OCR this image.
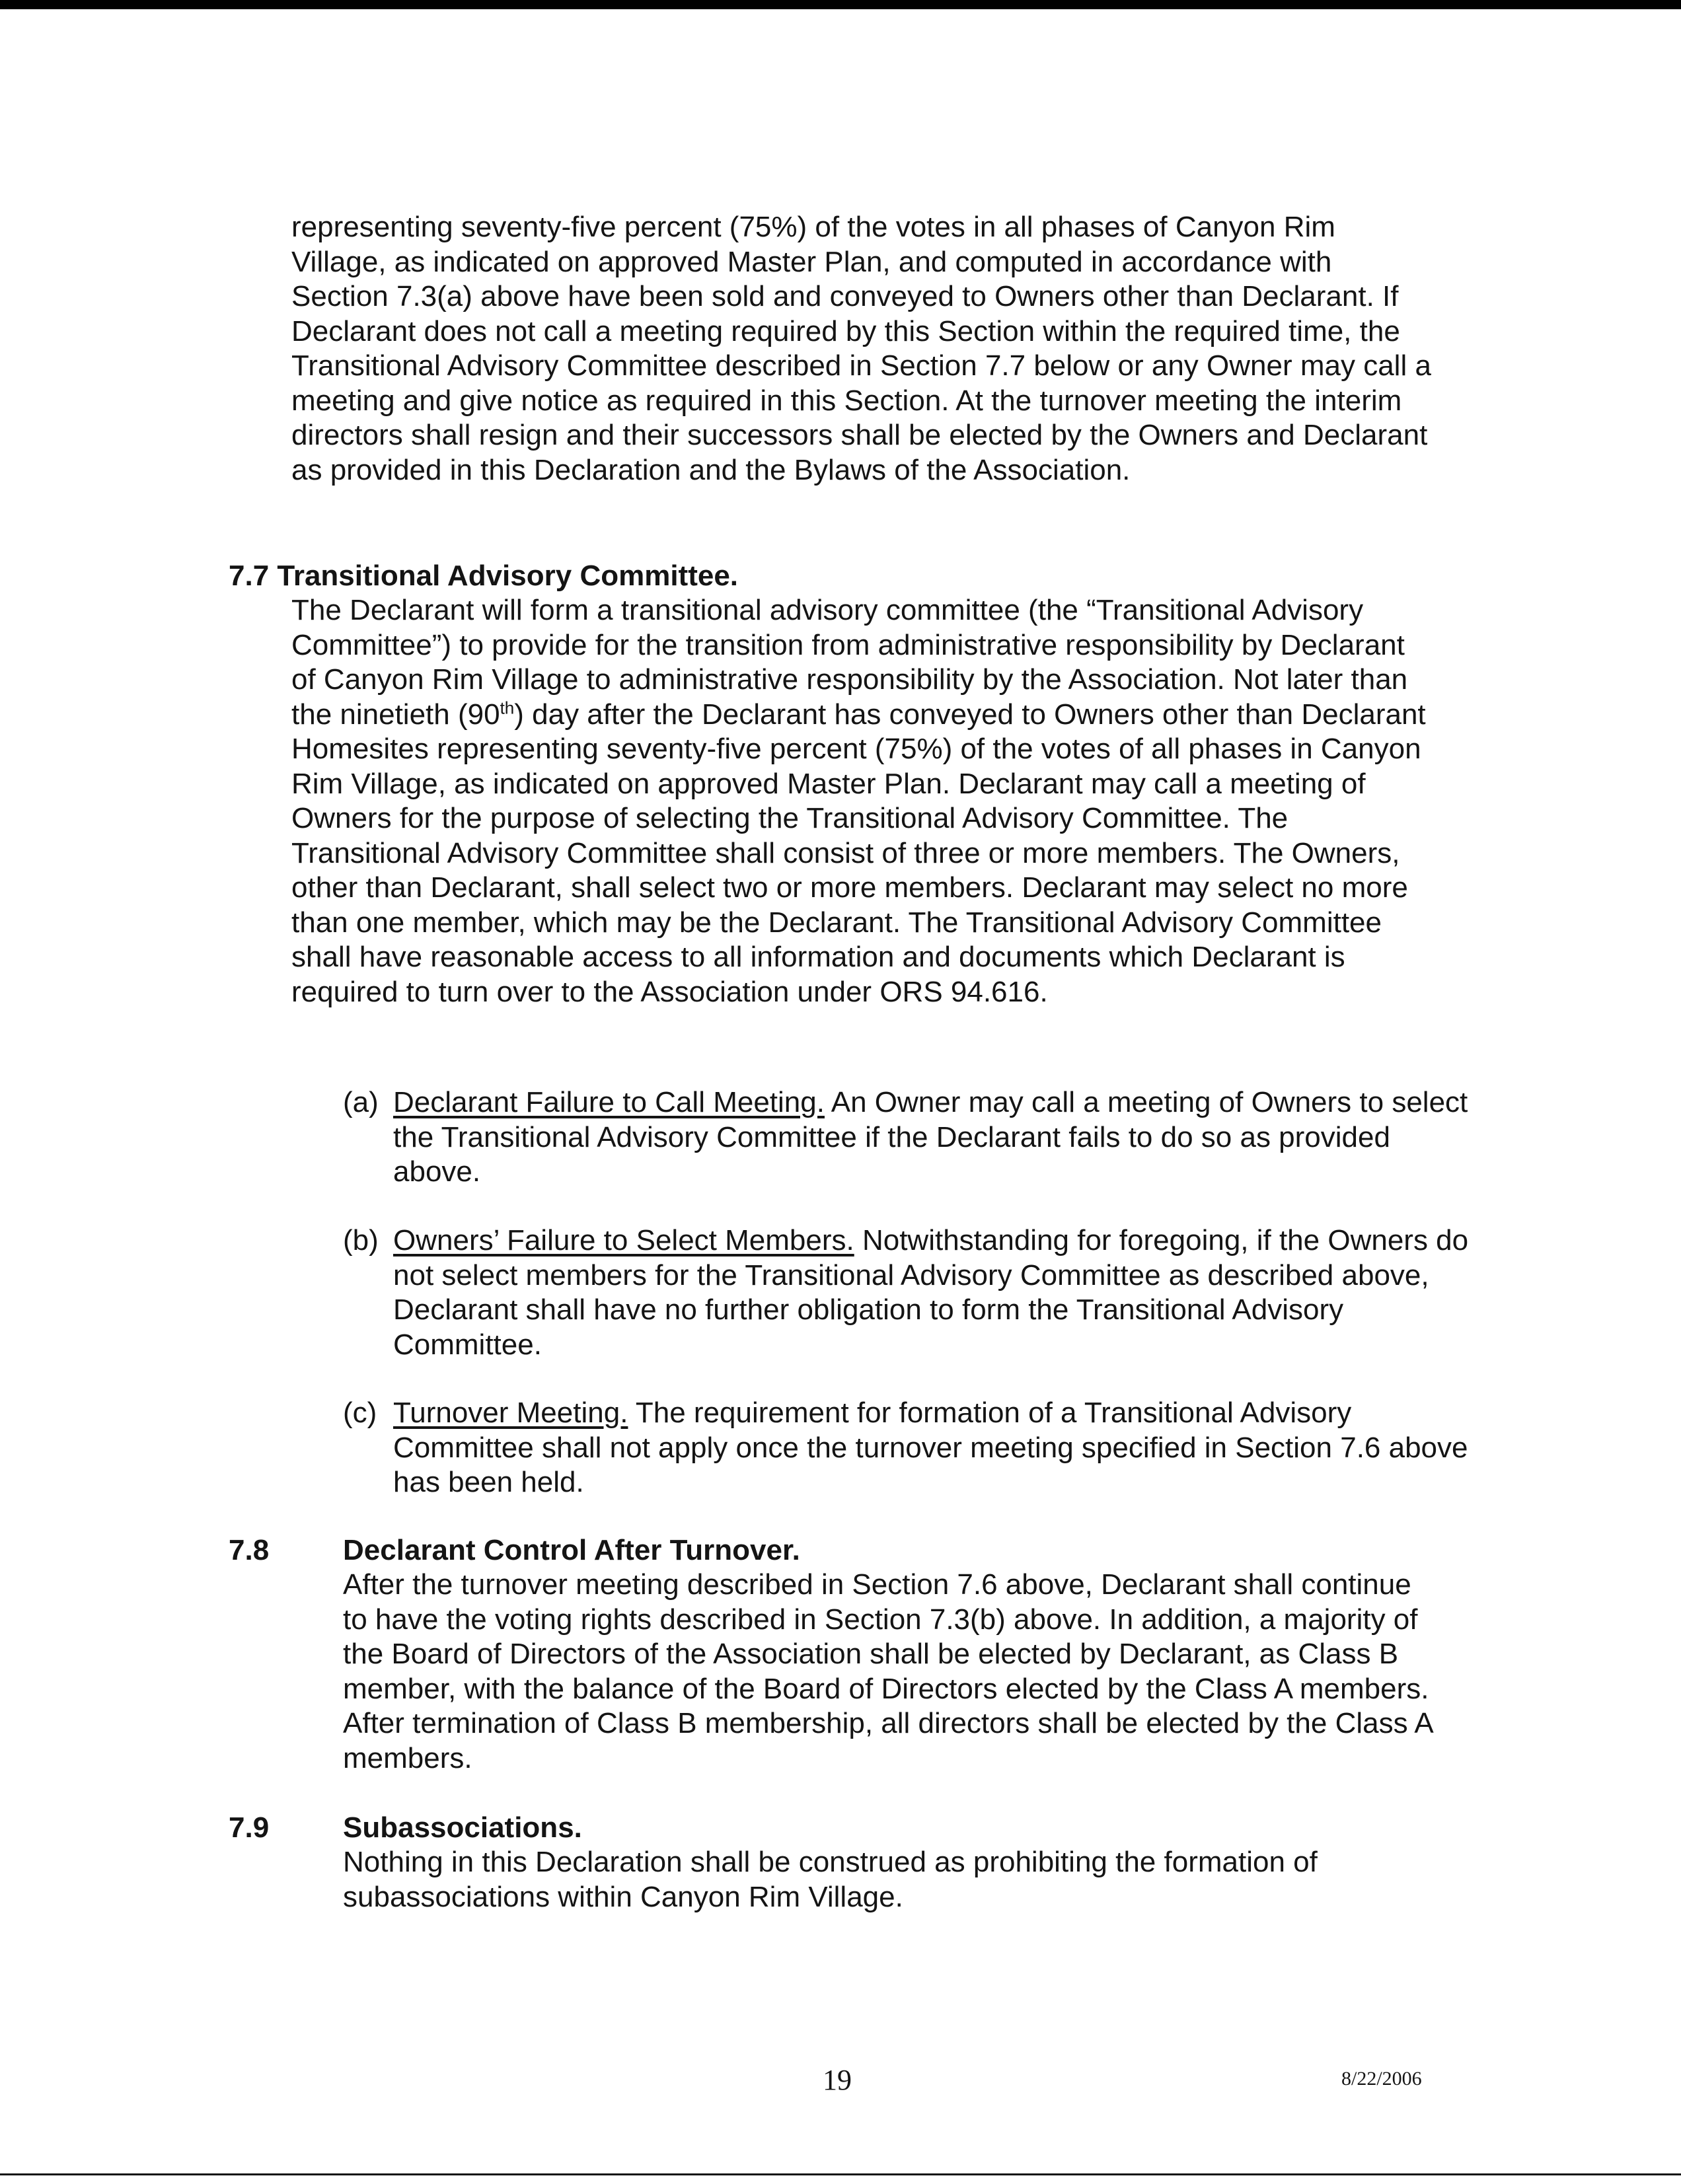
representing seventy-five percent (75%) of the votes in all phases of Canyon Rim Village, as indicated on approved Master Plan, and computed in accordance with Section 7.3(a) above have been sold and conveyed to Owners other than Declarant. If Declarant does not call a meeting required by this Section within the required time, the Transitional Advisory Committee described in Section 7.7 below or any Owner may call a meeting and give notice as required in this Section. At the turnover meeting the interim directors shall resign and their successors shall be elected by the Owners and Declarant as provided in this Declaration and the Bylaws of the Association.
7.7 Transitional Advisory Committee.
The Declarant will form a transitional advisory committee (the “Transitional Advisory Committee”) to provide for the transition from administrative responsibility by Declarant of Canyon Rim Village to administrative responsibility by the Association. Not later than the ninetieth (90th) day after the Declarant has conveyed to Owners other than Declarant Homesites representing seventy-five percent (75%) of the votes of all phases in Canyon Rim Village, as indicated on approved Master Plan. Declarant may call a meeting of Owners for the purpose of selecting the Transitional Advisory Committee. The Transitional Advisory Committee shall consist of three or more members. The Owners, other than Declarant, shall select two or more members. Declarant may select no more than one member, which may be the Declarant. The Transitional Advisory Committee shall have reasonable access to all information and documents which Declarant is required to turn over to the Association under ORS 94.616.
(a) Declarant Failure to Call Meeting. An Owner may call a meeting of Owners to select the Transitional Advisory Committee if the Declarant fails to do so as provided above.
(b) Owners’ Failure to Select Members. Notwithstanding for foregoing, if the Owners do not select members for the Transitional Advisory Committee as described above, Declarant shall have no further obligation to form the Transitional Advisory Committee.
(c) Turnover Meeting. The requirement for formation of a Transitional Advisory Committee shall not apply once the turnover meeting specified in Section 7.6 above has been held.
7.8	Declarant Control After Turnover.
After the turnover meeting described in Section 7.6 above, Declarant shall continue to have the voting rights described in Section 7.3(b) above. In addition, a majority of the Board of Directors of the Association shall be elected by Declarant, as Class B member, with the balance of the Board of Directors elected by the Class A members. After termination of Class B membership, all directors shall be elected by the Class A members.
7.9	Subassociations.
Nothing in this Declaration shall be construed as prohibiting the formation of subassociations within Canyon Rim Village.
19	8/22/2006
